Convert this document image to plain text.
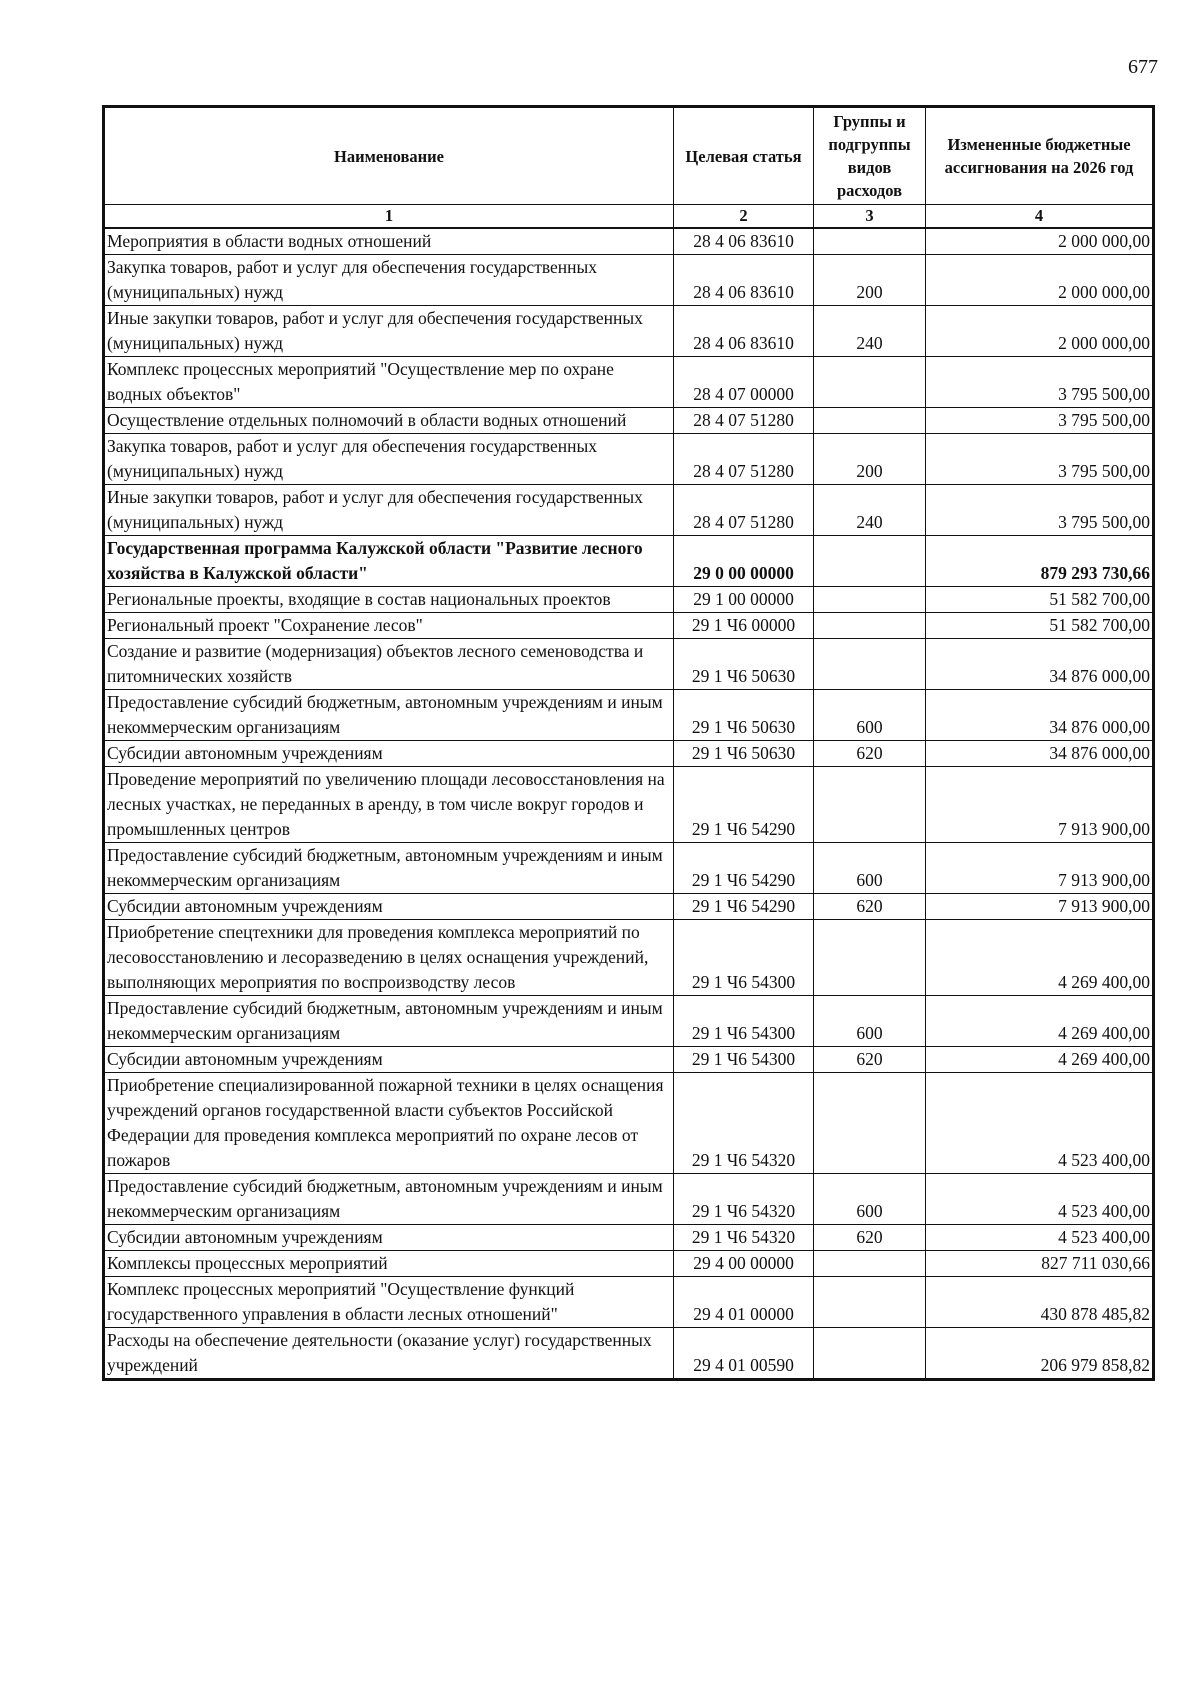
677
Наименование	Целевая статья	Группы и подгруппы видов расходов	Измененные бюджетные ассигнования на 2026 год
1	2	3	4
Мероприятия в области водных отношений	28 4 06 83610		2 000 000,00
Закупка товаров, работ и услуг для обеспечения государственных (муниципальных) нужд	28 4 06 83610	200	2 000 000,00
Иные закупки товаров, работ и услуг для обеспечения государственных (муниципальных) нужд	28 4 06 83610	240	2 000 000,00
Комплекс процессных мероприятий "Осуществление мер по охране водных объектов"	28 4 07 00000		3 795 500,00
Осуществление отдельных полномочий в области водных отношений	28 4 07 51280		3 795 500,00
Закупка товаров, работ и услуг для обеспечения государственных (муниципальных) нужд	28 4 07 51280	200	3 795 500,00
Иные закупки товаров, работ и услуг для обеспечения государственных (муниципальных) нужд	28 4 07 51280	240	3 795 500,00
Государственная программа Калужской области "Развитие лесного хозяйства в Калужской области"	29 0 00 00000		879 293 730,66
Региональные проекты, входящие в состав национальных проектов	29 1 00 00000		51 582 700,00
Региональный проект "Сохранение лесов"	29 1 Ч6 00000		51 582 700,00
Создание и развитие (модернизация) объектов лесного семеноводства и питомнических хозяйств	29 1 Ч6 50630		34 876 000,00
Предоставление субсидий бюджетным, автономным учреждениям и иным некоммерческим организациям	29 1 Ч6 50630	600	34 876 000,00
Субсидии автономным учреждениям	29 1 Ч6 50630	620	34 876 000,00
Проведение мероприятий по увеличению площади лесовосстановления на лесных участках, не переданных в аренду, в том числе вокруг городов и промышленных центров	29 1 Ч6 54290		7 913 900,00
Предоставление субсидий бюджетным, автономным учреждениям и иным некоммерческим организациям	29 1 Ч6 54290	600	7 913 900,00
Субсидии автономным учреждениям	29 1 Ч6 54290	620	7 913 900,00
Приобретение спецтехники для проведения комплекса мероприятий по лесовосстановлению и лесоразведению в целях оснащения учреждений, выполняющих мероприятия по воспроизводству лесов	29 1 Ч6 54300		4 269 400,00
Предоставление субсидий бюджетным, автономным учреждениям и иным некоммерческим организациям	29 1 Ч6 54300	600	4 269 400,00
Субсидии автономным учреждениям	29 1 Ч6 54300	620	4 269 400,00
Приобретение специализированной пожарной техники в целях оснащения учреждений органов государственной власти субъектов Российской Федерации для проведения комплекса мероприятий по охране лесов от пожаров	29 1 Ч6 54320		4 523 400,00
Предоставление субсидий бюджетным, автономным учреждениям и иным некоммерческим организациям	29 1 Ч6 54320	600	4 523 400,00
Субсидии автономным учреждениям	29 1 Ч6 54320	620	4 523 400,00
Комплексы процессных мероприятий	29 4 00 00000		827 711 030,66
Комплекс процессных мероприятий "Осуществление функций государственного управления в области лесных отношений"	29 4 01 00000		430 878 485,82
Расходы на обеспечение деятельности (оказание услуг) государственных учреждений	29 4 01 00590		206 979 858,82
